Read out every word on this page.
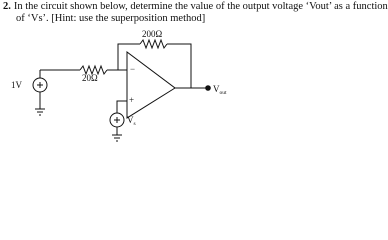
2. In the circuit shown below, determine the value of the output voltage ‘Vout’ as a function
of ‘Vs’. [Hint: use the superposition method]
200Ω
20Ω
−
+
Vout
1V
Vs
